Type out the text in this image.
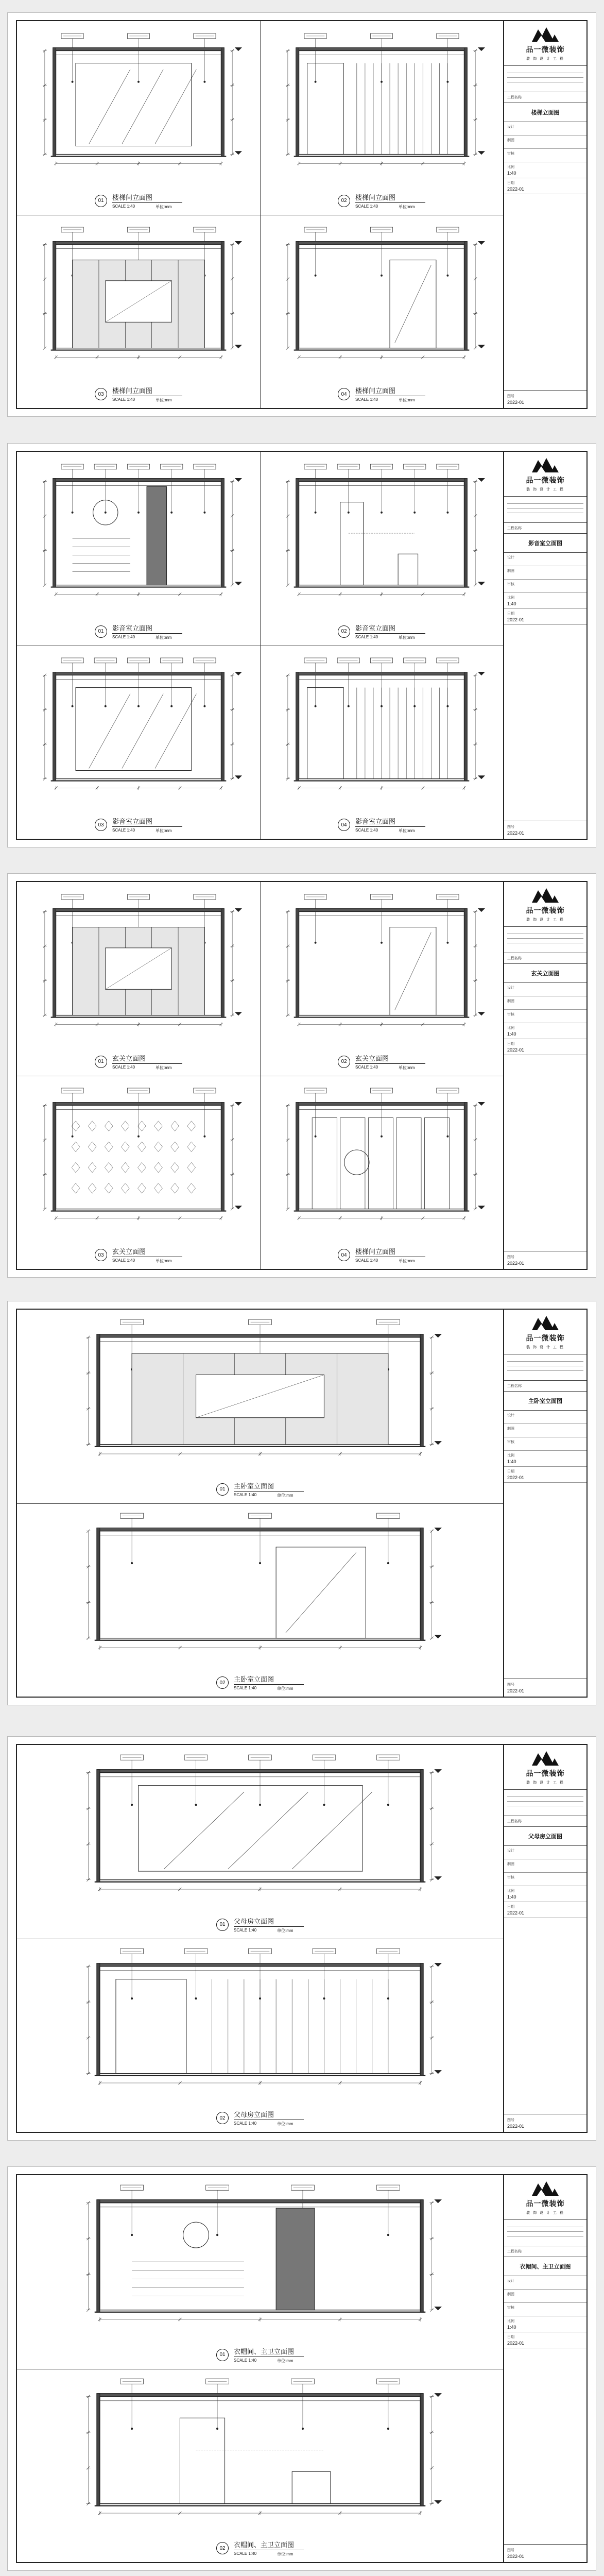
01	楼梯间立面图
SCALE 1:40	单位:mm
02	楼梯间立面图
SCALE 1:40	单位:mm
03	楼梯间立面图
SCALE 1:40	单位:mm
04	楼梯间立面图
SCALE 1:40	单位:mm
品一微装饰
装 饰 设 计 工 程
工程名称
楼梯立面图
设计
制图
审核
比例
1:40
日期
2022-01
图号
2022-01
01	影音室立面图
SCALE 1:40	单位:mm
02	影音室立面图
SCALE 1:40	单位:mm
03	影音室立面图
SCALE 1:40	单位:mm
04	影音室立面图
SCALE 1:40	单位:mm
品一微装饰
装 饰 设 计 工 程
工程名称
影音室立面图
设计
制图
审核
比例
1:40
日期
2022-01
图号
2022-01
01	玄关立面图
SCALE 1:40	单位:mm
02	玄关立面图
SCALE 1:40	单位:mm
03	玄关立面图
SCALE 1:40	单位:mm
04	楼梯间立面图
SCALE 1:40	单位:mm
品一微装饰
装 饰 设 计 工 程
工程名称
玄关立面图
设计
制图
审核
比例
1:40
日期
2022-01
图号
2022-01
01	主卧室立面图
SCALE 1:40	单位:mm
02	主卧室立面图
SCALE 1:40	单位:mm
品一微装饰
装 饰 设 计 工 程
工程名称
主卧室立面图
设计
制图
审核
比例
1:40
日期
2022-01
图号
2022-01
01	父母房立面图
SCALE 1:40	单位:mm
02	父母房立面图
SCALE 1:40	单位:mm
品一微装饰
装 饰 设 计 工 程
工程名称
父母房立面图
设计
制图
审核
比例
1:40
日期
2022-01
图号
2022-01
01	衣帽间、主卫立面图
SCALE 1:40	单位:mm
02	衣帽间、主卫立面图
SCALE 1:40	单位:mm
品一微装饰
装 饰 设 计 工 程
工程名称
衣帽间、主卫立面图
设计
制图
审核
比例
1:40
日期
2022-01
图号
2022-01
